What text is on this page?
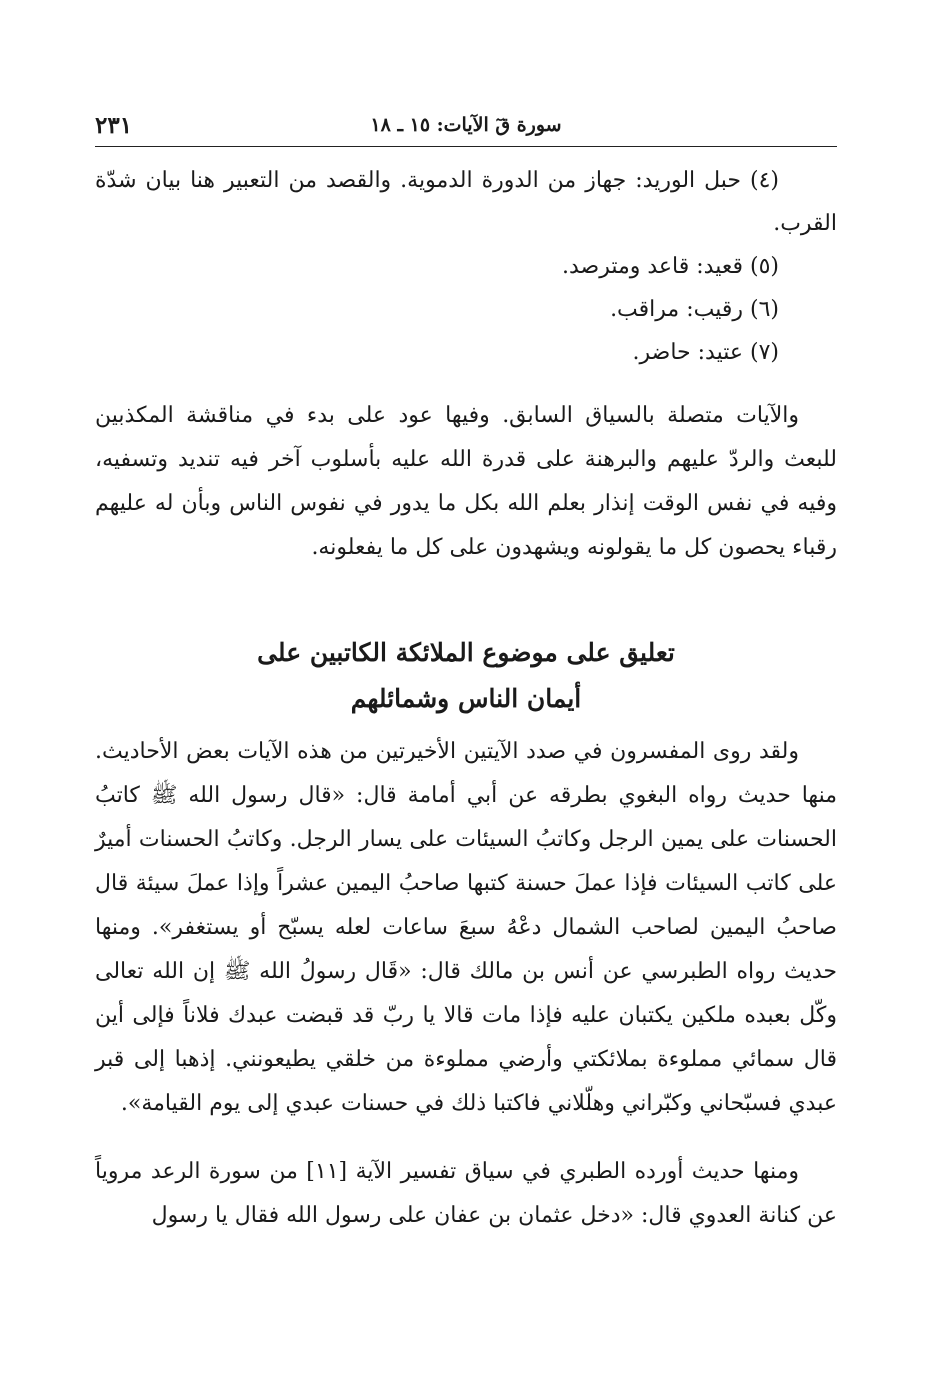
سورة قٓ الآيات: ١٥ ـ ١٨
٢٣١

(٤) حبل الوريد: جهاز من الدورة الدموية. والقصد من التعبير هنا بيان شدّة القرب.

(٥) قعيد: قاعد ومترصد.

(٦) رقيب: مراقب.

(٧) عتيد: حاضر.

والآيات متصلة بالسياق السابق. وفيها عود على بدء في مناقشة المكذبين للبعث والردّ عليهم والبرهنة على قدرة الله عليه بأسلوب آخر فيه تنديد وتسفيه، وفيه في نفس الوقت إنذار بعلم الله بكل ما يدور في نفوس الناس وبأن له عليهم رقباء يحصون كل ما يقولونه ويشهدون على كل ما يفعلونه.

تعليق على موضوع الملائكة الكاتبين على
أيمان الناس وشمائلهم

ولقد روى المفسرون في صدد الآيتين الأخيرتين من هذه الآيات بعض الأحاديث. منها حديث رواه البغوي بطرقه عن أبي أمامة قال: «قال رسول الله ﷺ كاتبُ الحسنات على يمين الرجل وكاتبُ السيئات على يسار الرجل. وكاتبُ الحسنات أميرٌ على كاتب السيئات فإذا عملَ حسنة كتبها صاحبُ اليمين عشراً وإذا عملَ سيئة قال صاحبُ اليمين لصاحب الشمال دعْهُ سبعَ ساعات لعله يسبّح أو يستغفر». ومنها حديث رواه الطبرسي عن أنس بن مالك قال: «قَال رسولُ الله ﷺ إن الله تعالى وكّل بعبده ملكين يكتبان عليه فإذا مات قالا يا ربّ قد قبضت عبدك فلاناً فإلى أين قال سمائي مملوءة بملائكتي وأرضي مملوءة من خلقي يطيعونني. إذهبا إلى قبر عبدي فسبّحاني وكبّراني وهلّلاني فاكتبا ذلك في حسنات عبدي إلى يوم القيامة».

ومنها حديث أورده الطبري في سياق تفسير الآية [١١] من سورة الرعد مروياً عن كنانة العدوي قال: «دخل عثمان بن عفان على رسول الله فقال يا رسول
